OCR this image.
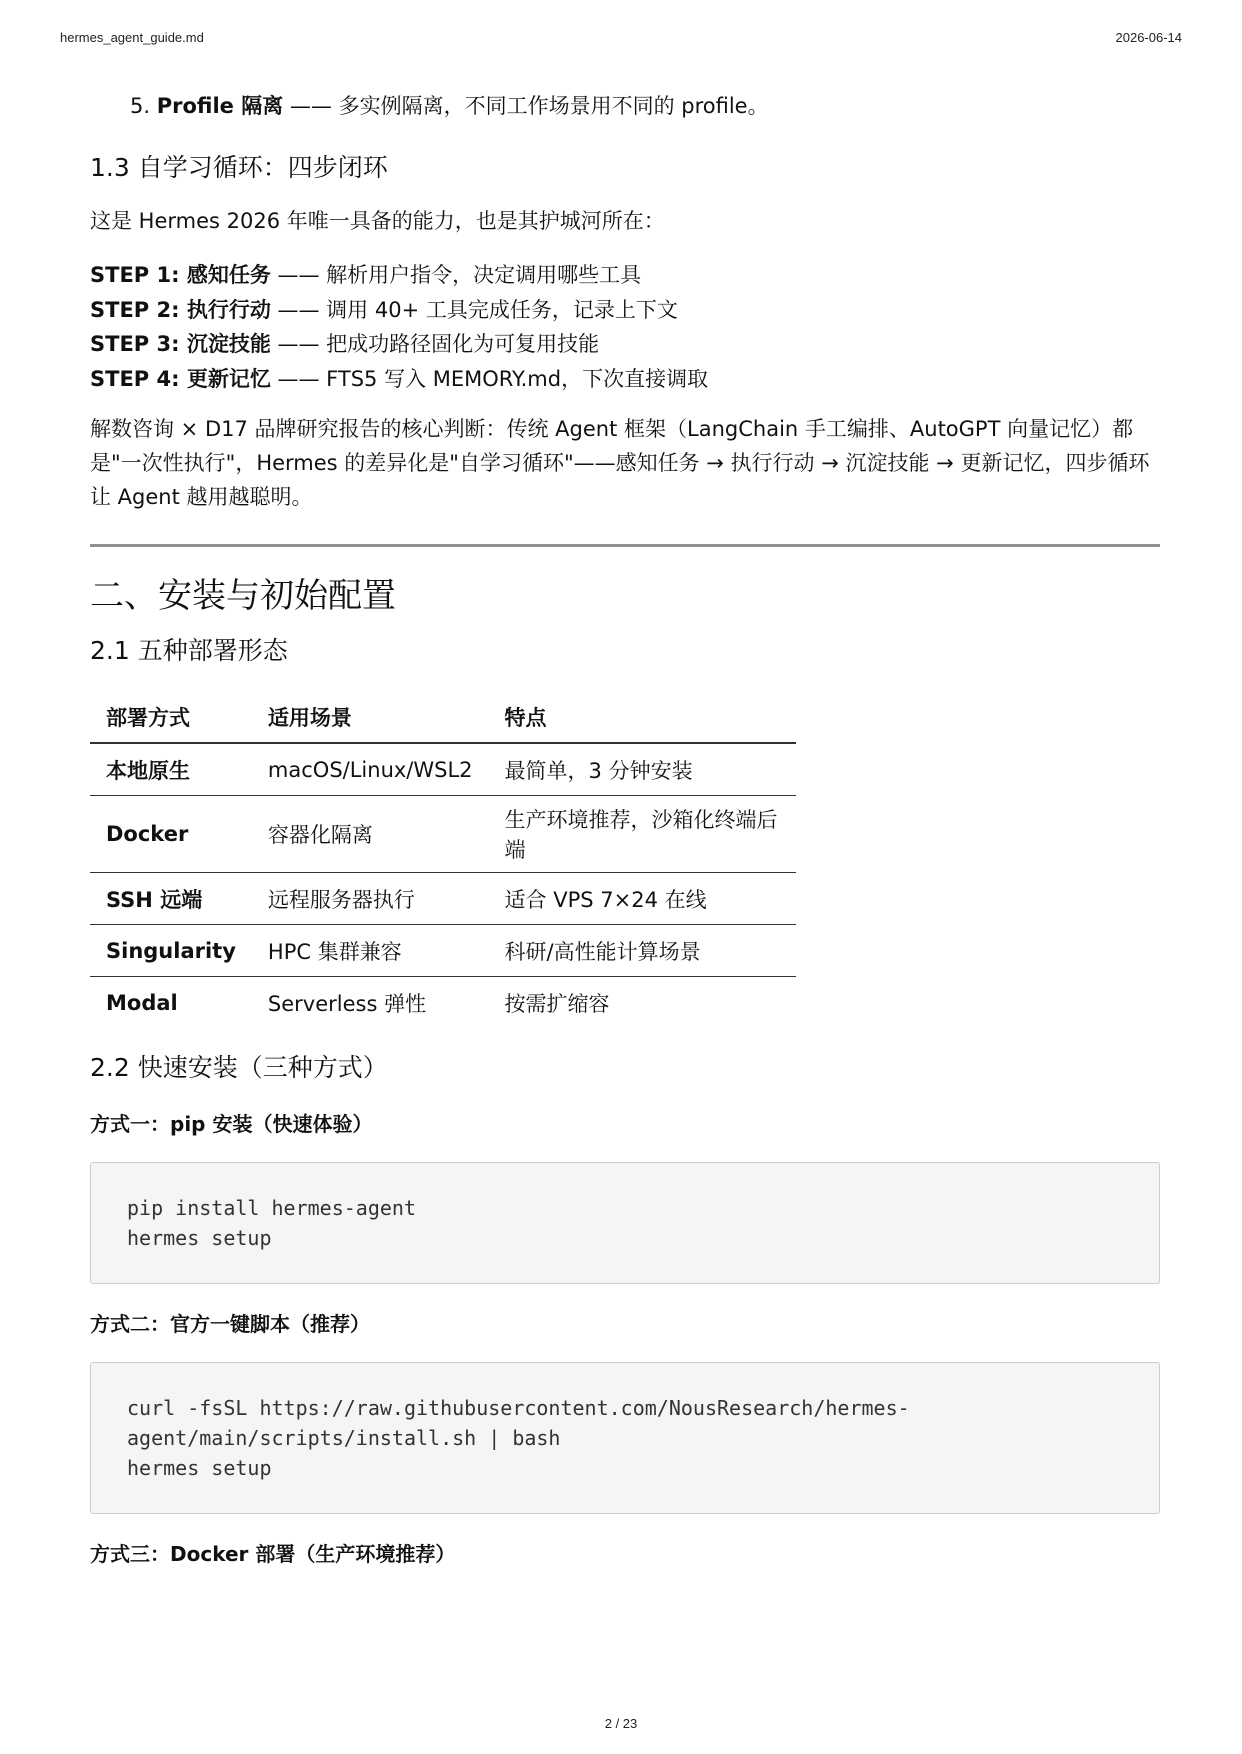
hermes_agent_guide.md	2026-06-14
5. Profile 隔离 —— 多实例隔离，不同工作场景用不同的 profile。
1.3 自学习循环：四步闭环
这是 Hermes 2026 年唯一具备的能力，也是其护城河所在：
STEP 1: 感知任务 —— 解析用户指令，决定调用哪些工具
STEP 2: 执行行动 —— 调用 40+ 工具完成任务，记录上下文
STEP 3: 沉淀技能 —— 把成功路径固化为可复用技能
STEP 4: 更新记忆 —— FTS5 写入 MEMORY.md，下次直接调取
解数咨询 × D17 品牌研究报告的核心判断：传统 Agent 框架（LangChain 手工编排、AutoGPT 向量记忆）都是"一次性执行"，Hermes 的差异化是"自学习循环"——感知任务 → 执行行动 → 沉淀技能 → 更新记忆，四步循环让 Agent 越用越聪明。
二、安装与初始配置
2.1 五种部署形态
部署方式	适用场景	特点
本地原生	macOS/Linux/WSL2	最简单，3 分钟安装
Docker	容器化隔离	生产环境推荐，沙箱化终端后端
SSH 远端	远程服务器执行	适合 VPS 7×24 在线
Singularity	HPC 集群兼容	科研/高性能计算场景
Modal	Serverless 弹性	按需扩缩容
2.2 快速安装（三种方式）
方式一：pip 安装（快速体验）
pip install hermes-agent
hermes setup
方式二：官方一键脚本（推荐）
curl -fsSL https://raw.githubusercontent.com/NousResearch/hermes-
agent/main/scripts/install.sh | bash
hermes setup
方式三：Docker 部署（生产环境推荐）
2 / 23
